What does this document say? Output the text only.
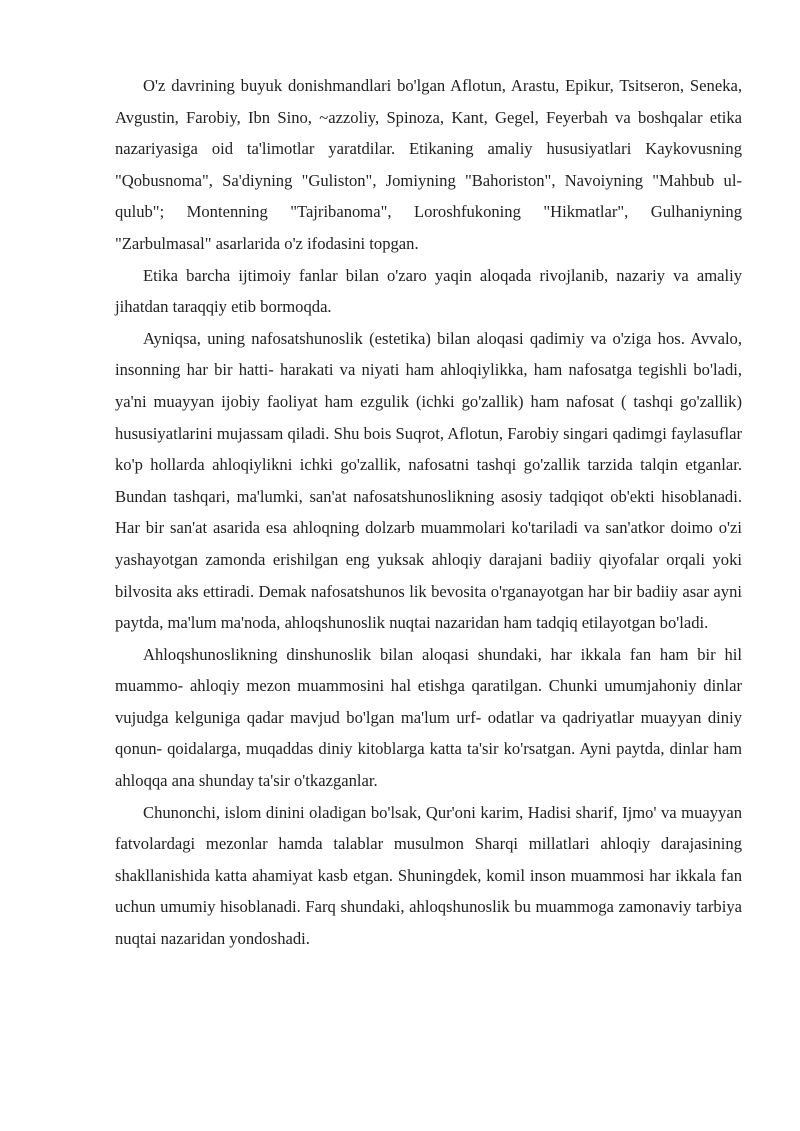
O'z davrining buyuk donishmandlari bo'lgan Aflotun, Arastu, Epikur, Tsitseron, Seneka, Avgustin, Farobiy, Ibn Sino, ~azzoliy, Spinoza, Kant, Gegel, Feyerbah va boshqalar etika nazariyasiga oid ta'limotlar yaratdilar. Etikaning amaliy hususiyatlari Kaykovusning "Qobusnoma", Sa'diyning "Guliston", Jomiyning "Bahoriston", Navoiyning "Mahbub ul- qulub"; Montenning "Tajribanoma", Loroshfukoning "Hikmatlar", Gulhaniyning "Zarbulmasal" asarlarida o'z ifodasini topgan.

Etika barcha ijtimoiy fanlar bilan o'zaro yaqin aloqada rivojlanib, nazariy va amaliy jihatdan taraqqiy etib bormoqda.

Ayniqsa, uning nafosatshunoslik (estetika) bilan aloqasi qadimiy va o'ziga hos. Avvalo, insonning har bir hatti- harakati va niyati ham ahloqiylikka, ham nafosatga tegishli bo'ladi, ya'ni muayyan ijobiy faoliyat ham ezgulik (ichki go'zallik) ham nafosat ( tashqi go'zallik) hususiyatlarini mujassam qiladi. Shu bois Suqrot, Aflotun, Farobiy singari qadimgi faylasuflar ko'p hollarda ahloqiylikni ichki go'zallik, nafosatni tashqi go'zallik tarzida talqin etganlar. Bundan tashqari, ma'lumki, san'at nafosatshunoslikning asosiy tadqiqot ob'ekti hisoblanadi. Har bir san'at asarida esa ahloqning dolzarb muammolari ko'tariladi va san'atkor doimo o'zi yashayotgan zamonda erishilgan eng yuksak ahloqiy darajani badiiy qiyofalar orqali yoki bilvosita aks ettiradi. Demak nafosatshunos lik bevosita o'rganayotgan har bir badiiy asar ayni paytda, ma'lum ma'noda, ahloqshunoslik nuqtai nazaridan ham tadqiq etilayotgan bo'ladi.

Ahloqshunoslikning dinshunoslik bilan aloqasi shundaki, har ikkala fan ham bir hil muammo- ahloqiy mezon muammosini hal etishga qaratilgan. Chunki umumjahoniy dinlar vujudga kelguniga qadar mavjud bo'lgan ma'lum urf- odatlar va qadriyatlar muayyan diniy qonun- qoidalarga, muqaddas diniy kitoblarga katta ta'sir ko'rsatgan. Ayni paytda, dinlar ham ahloqqa ana shunday ta'sir o'tkazganlar.

Chunonchi, islom dinini oladigan bo'lsak, Qur'oni karim, Hadisi sharif, Ijmo' va muayyan fatvolardagi mezonlar hamda talablar musulmon Sharqi millatlari ahloqiy darajasining shakllanishida katta ahamiyat kasb etgan. Shuningdek, komil inson muammosi har ikkala fan uchun umumiy hisoblanadi. Farq shundaki, ahloqshunoslik bu muammoga zamonaviy tarbiya nuqtai nazaridan yondoshadi.
